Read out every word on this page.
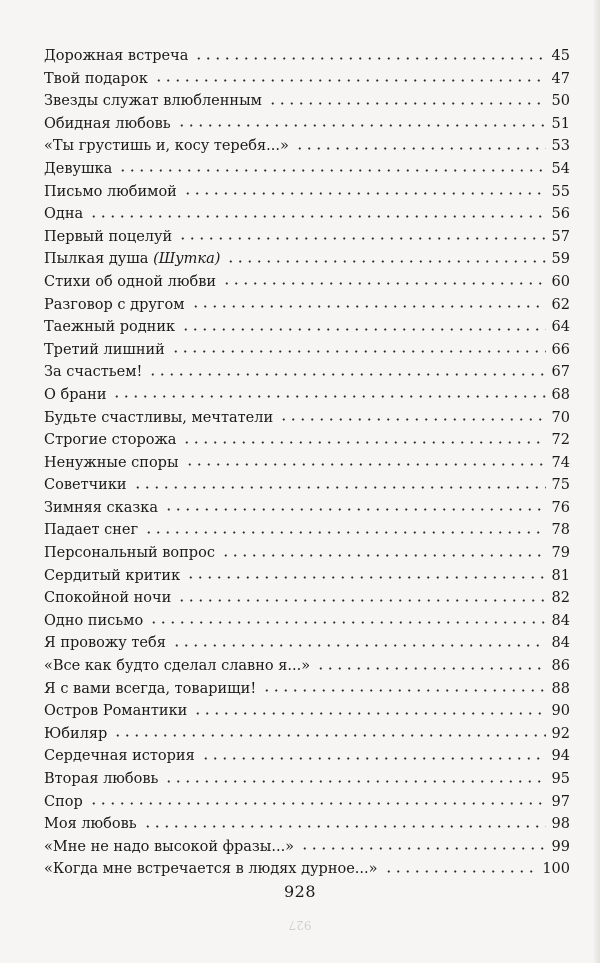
Дорожная встреча	45
Твой подарок	47
Звезды служат влюбленным	50
Обидная любовь	51
«Ты грустишь и, косу теребя...»	53
Девушка	54
Письмо любимой	55
Одна	56
Первый поцелуй	57
Пылкая душа (Шутка)	59
Стихи об одной любви	60
Разговор с другом	62
Таежный родник	64
Третий лишний	66
За счастьем!	67
О брани	68
Будьте счастливы, мечтатели	70
Строгие сторожа	72
Ненужные споры	74
Советчики	75
Зимняя сказка	76
Падает снег	78
Персональный вопрос	79
Сердитый критик	81
Спокойной ночи	82
Одно письмо	84
Я провожу тебя	84
«Все как будто сделал славно я...»	86
Я с вами всегда, товарищи!	88
Остров Романтики	90
Юбиляр	92
Сердечная история	94
Вторая любовь	95
Спор	97
Моя любовь	98
«Мне не надо высокой фразы...»	99
«Когда мне встречается в людях дурное...»	100
928
927
